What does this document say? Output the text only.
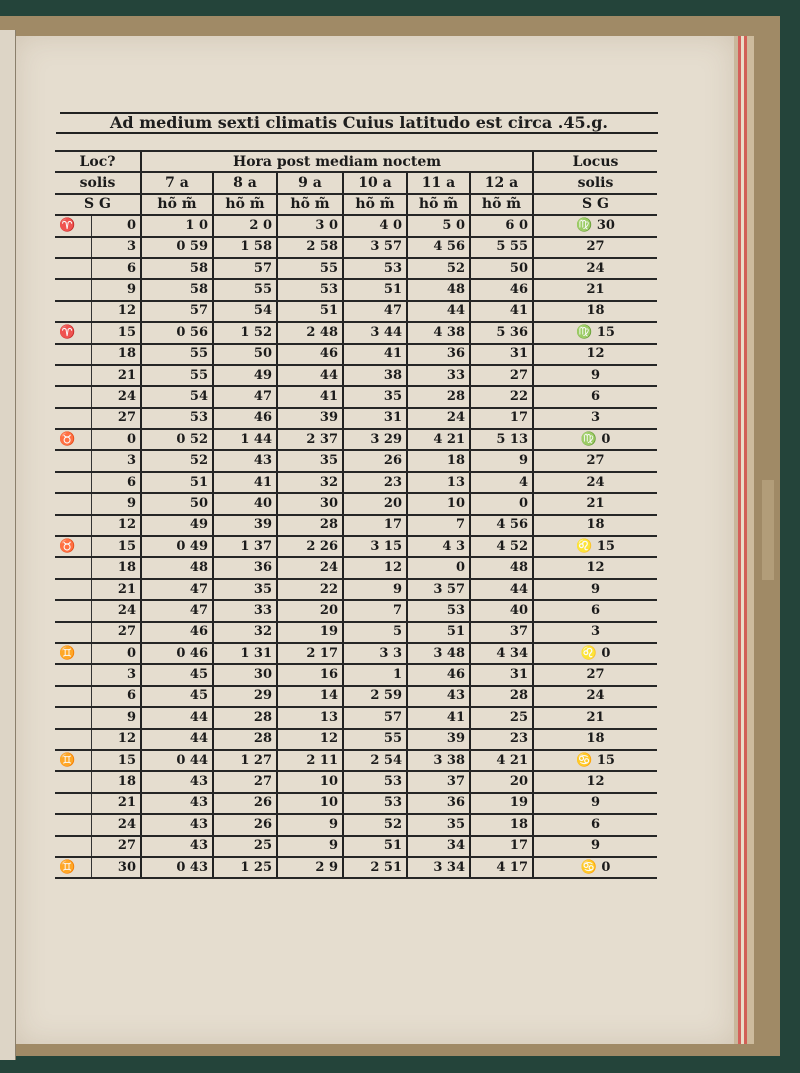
Ad medium sexti climatis Cuius latitudo est circa .45.g.
Loc?		Hora post mediam noctem						Locus
solis		7 a	8 a	9 a	10 a	11 a	12 a	solis
S G		hõ m̃	hõ m̃	hõ m̃	hõ m̃	hõ m̃	hõ m̃	S G
♈	0	1 0	2 0	3 0	4 0	5 0	6 0	♍ 30
	3	0 59	1 58	2 58	3 57	4 56	5 55	27
	6	58	57	55	53	52	50	24
	9	58	55	53	51	48	46	21
	12	57	54	51	47	44	41	18
♈	15	0 56	1 52	2 48	3 44	4 38	5 36	♍ 15
	18	55	50	46	41	36	31	12
	21	55	49	44	38	33	27	9
	24	54	47	41	35	28	22	6
	27	53	46	39	31	24	17	3
♉	0	0 52	1 44	2 37	3 29	4 21	5 13	♍ 0
	3	52	43	35	26	18	9	27
	6	51	41	32	23	13	4	24
	9	50	40	30	20	10	0	21
	12	49	39	28	17	7	4 56	18
♉	15	0 49	1 37	2 26	3 15	4 3	4 52	♌ 15
	18	48	36	24	12	0	48	12
	21	47	35	22	9	3 57	44	9
	24	47	33	20	7	53	40	6
	27	46	32	19	5	51	37	3
♊	0	0 46	1 31	2 17	3 3	3 48	4 34	♌ 0
	3	45	30	16	1	46	31	27
	6	45	29	14	2 59	43	28	24
	9	44	28	13	57	41	25	21
	12	44	28	12	55	39	23	18
♊	15	0 44	1 27	2 11	2 54	3 38	4 21	♋ 15
	18	43	27	10	53	37	20	12
	21	43	26	10	53	36	19	9
	24	43	26	9	52	35	18	6
	27	43	25	9	51	34	17	9
♊	30	0 43	1 25	2 9	2 51	3 34	4 17	♋ 0
